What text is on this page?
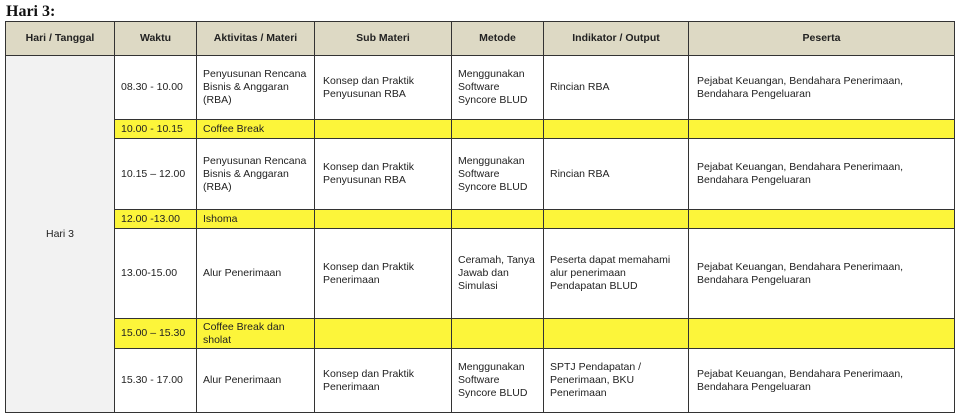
Hari 3:
Hari / Tanggal	Waktu	Aktivitas / Materi	Sub Materi	Metode	Indikator / Output	Peserta
Hari 3	08.30 - 10.00	Penyusunan Rencana Bisnis & Anggaran (RBA)	Konsep dan Praktik Penyusunan RBA	Menggunakan Software Syncore BLUD	Rincian RBA	Pejabat Keuangan, Bendahara Penerimaan, Bendahara Pengeluaran
	10.00 - 10.15	Coffee Break				
	10.15 – 12.00	Penyusunan Rencana Bisnis & Anggaran (RBA)	Konsep dan Praktik Penyusunan RBA	Menggunakan Software Syncore BLUD	Rincian RBA	Pejabat Keuangan, Bendahara Penerimaan, Bendahara Pengeluaran
	12.00 -13.00	Ishoma				
	13.00-15.00	Alur Penerimaan	Konsep dan Praktik Penerimaan	Ceramah, Tanya Jawab dan Simulasi	Peserta dapat memahami alur penerimaan Pendapatan BLUD	Pejabat Keuangan, Bendahara Penerimaan, Bendahara Pengeluaran
	15.00 – 15.30	Coffee Break dan sholat				
	15.30 - 17.00	Alur Penerimaan	Konsep dan Praktik Penerimaan	Menggunakan Software Syncore BLUD	SPTJ Pendapatan / Penerimaan, BKU Penerimaan	Pejabat Keuangan, Bendahara Penerimaan, Bendahara Pengeluaran
